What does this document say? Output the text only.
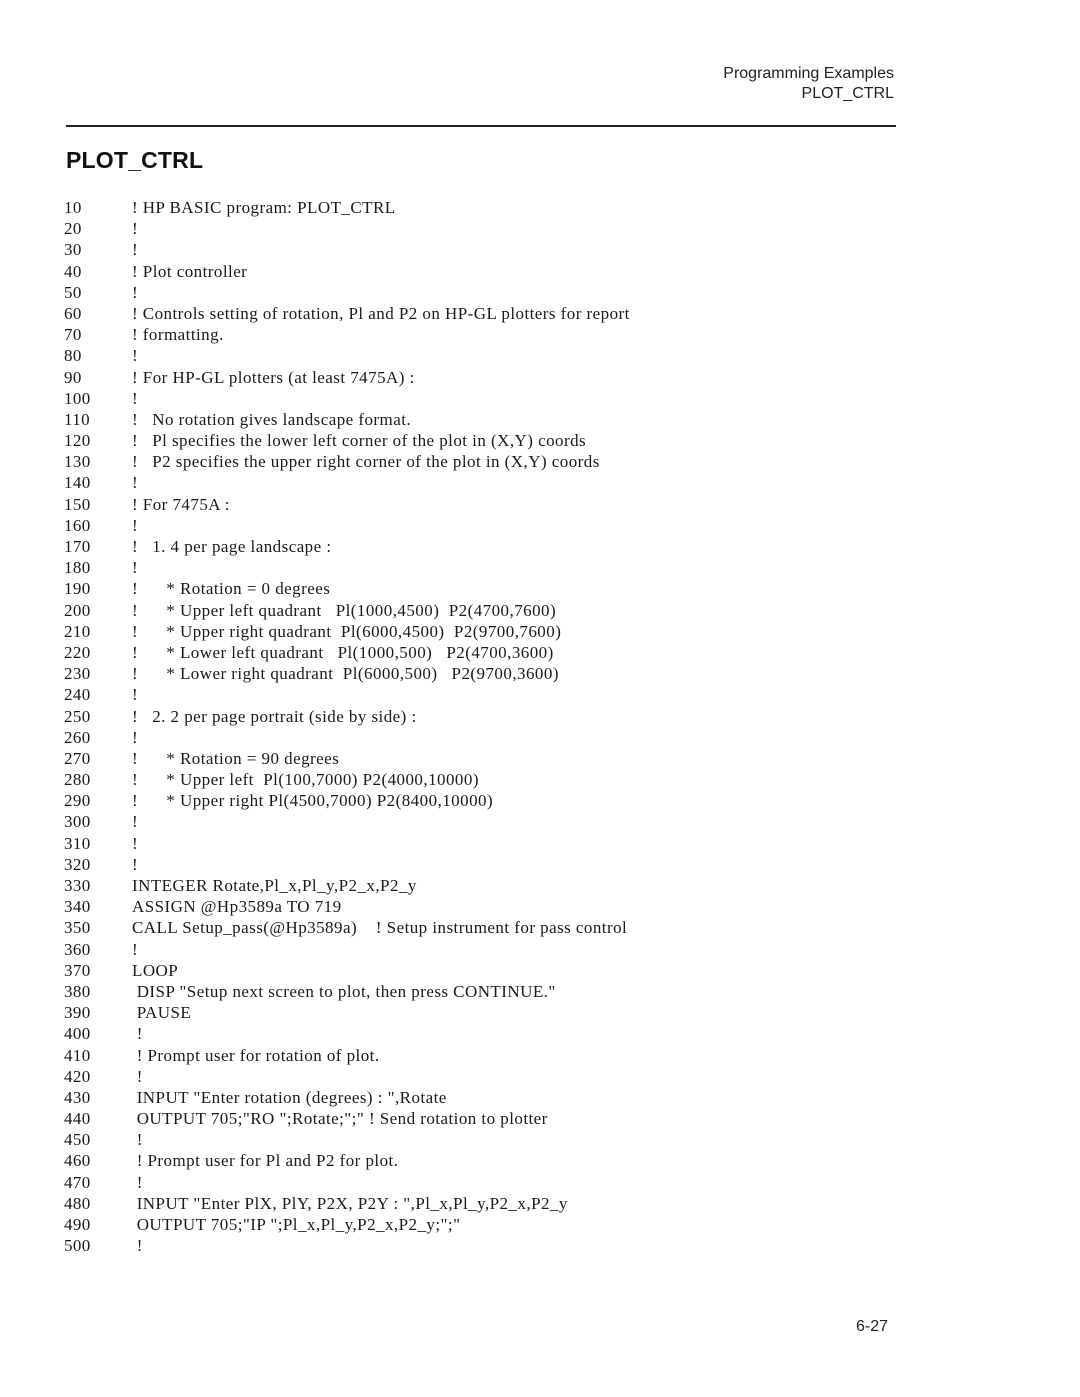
Programming Examples
PLOT_CTRL
PLOT_CTRL
10	! HP BASIC program: PLOT_CTRL
20	!
30	!
40	! Plot controller
50	!
60	! Controls setting of rotation, Pl and P2 on HP-GL plotters for report
70	! formatting.
80	!
90	! For HP-GL plotters (at least 7475A) :
100	!
110	!   No rotation gives landscape format.
120	!   Pl specifies the lower left corner of the plot in (X,Y) coords
130	!   P2 specifies the upper right corner of the plot in (X,Y) coords
140	!
150	! For 7475A :
160	!
170	!   1. 4 per page landscape :
180	!
190	!      * Rotation = 0 degrees
200	!      * Upper left quadrant   Pl(1000,4500)  P2(4700,7600)
210	!      * Upper right quadrant  Pl(6000,4500)  P2(9700,7600)
220	!      * Lower left quadrant   Pl(1000,500)   P2(4700,3600)
230	!      * Lower right quadrant  Pl(6000,500)   P2(9700,3600)
240	!
250	!   2. 2 per page portrait (side by side) :
260	!
270	!      * Rotation = 90 degrees
280	!      * Upper left  Pl(100,7000) P2(4000,10000)
290	!      * Upper right Pl(4500,7000) P2(8400,10000)
300	!
310	!
320	!
330	INTEGER Rotate,Pl_x,Pl_y,P2_x,P2_y
340	ASSIGN @Hp3589a TO 719
350	CALL Setup_pass(@Hp3589a)    ! Setup instrument for pass control
360	!
370	LOOP
380	DISP "Setup next screen to plot, then press CONTINUE."
390	PAUSE
400	!
410	! Prompt user for rotation of plot.
420	!
430	INPUT "Enter rotation (degrees) : ",Rotate
440	OUTPUT 705;"RO ";Rotate;";" ! Send rotation to plotter
450	!
460	! Prompt user for Pl and P2 for plot.
470	!
480	INPUT "Enter PlX, PlY, P2X, P2Y : ",Pl_x,Pl_y,P2_x,P2_y
490	OUTPUT 705;"IP ";Pl_x,Pl_y,P2_x,P2_y;";"
500	!
6-27
